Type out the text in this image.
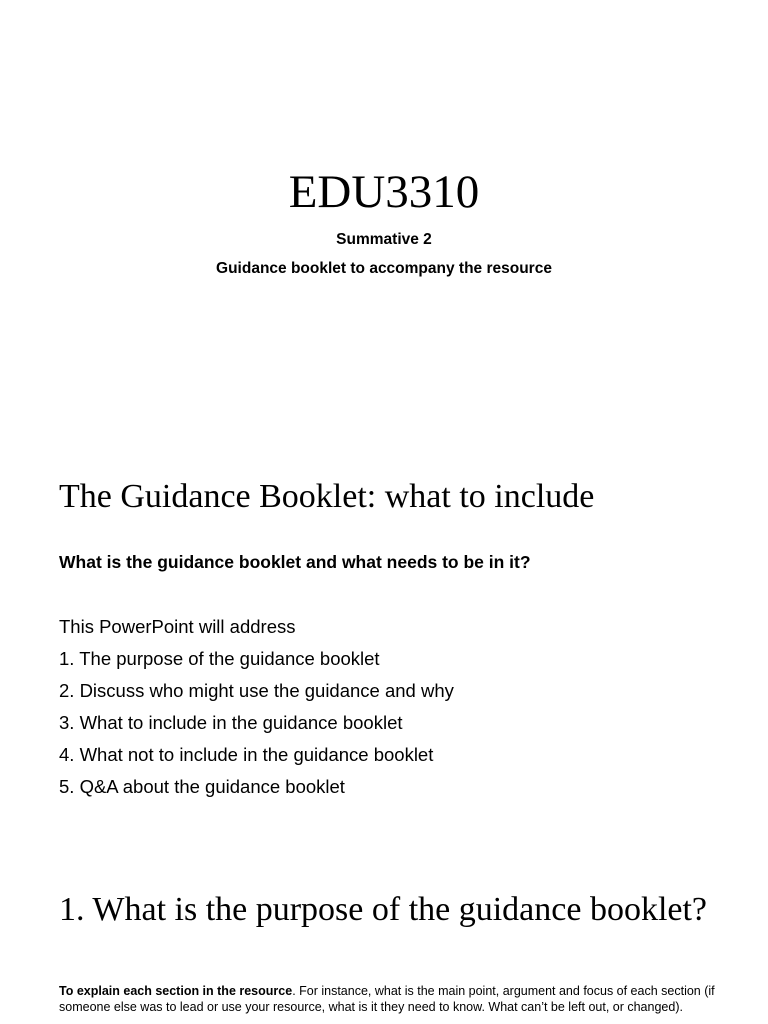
EDU3310
Summative 2
Guidance booklet to accompany the resource
The Guidance Booklet: what to include
What is the guidance booklet and what needs to be in it?
This PowerPoint will address
1. The purpose of the guidance booklet
2. Discuss who might use the guidance and why
3. What to include in the guidance booklet
4. What not to include in the guidance booklet
5. Q&A about the guidance booklet
1. What is the purpose of the guidance booklet?
To explain each section in the resource. For instance, what is the main point, argument and focus of each section (if someone else was to lead or use your resource, what is it they need to know. What can’t be left out, or changed).
